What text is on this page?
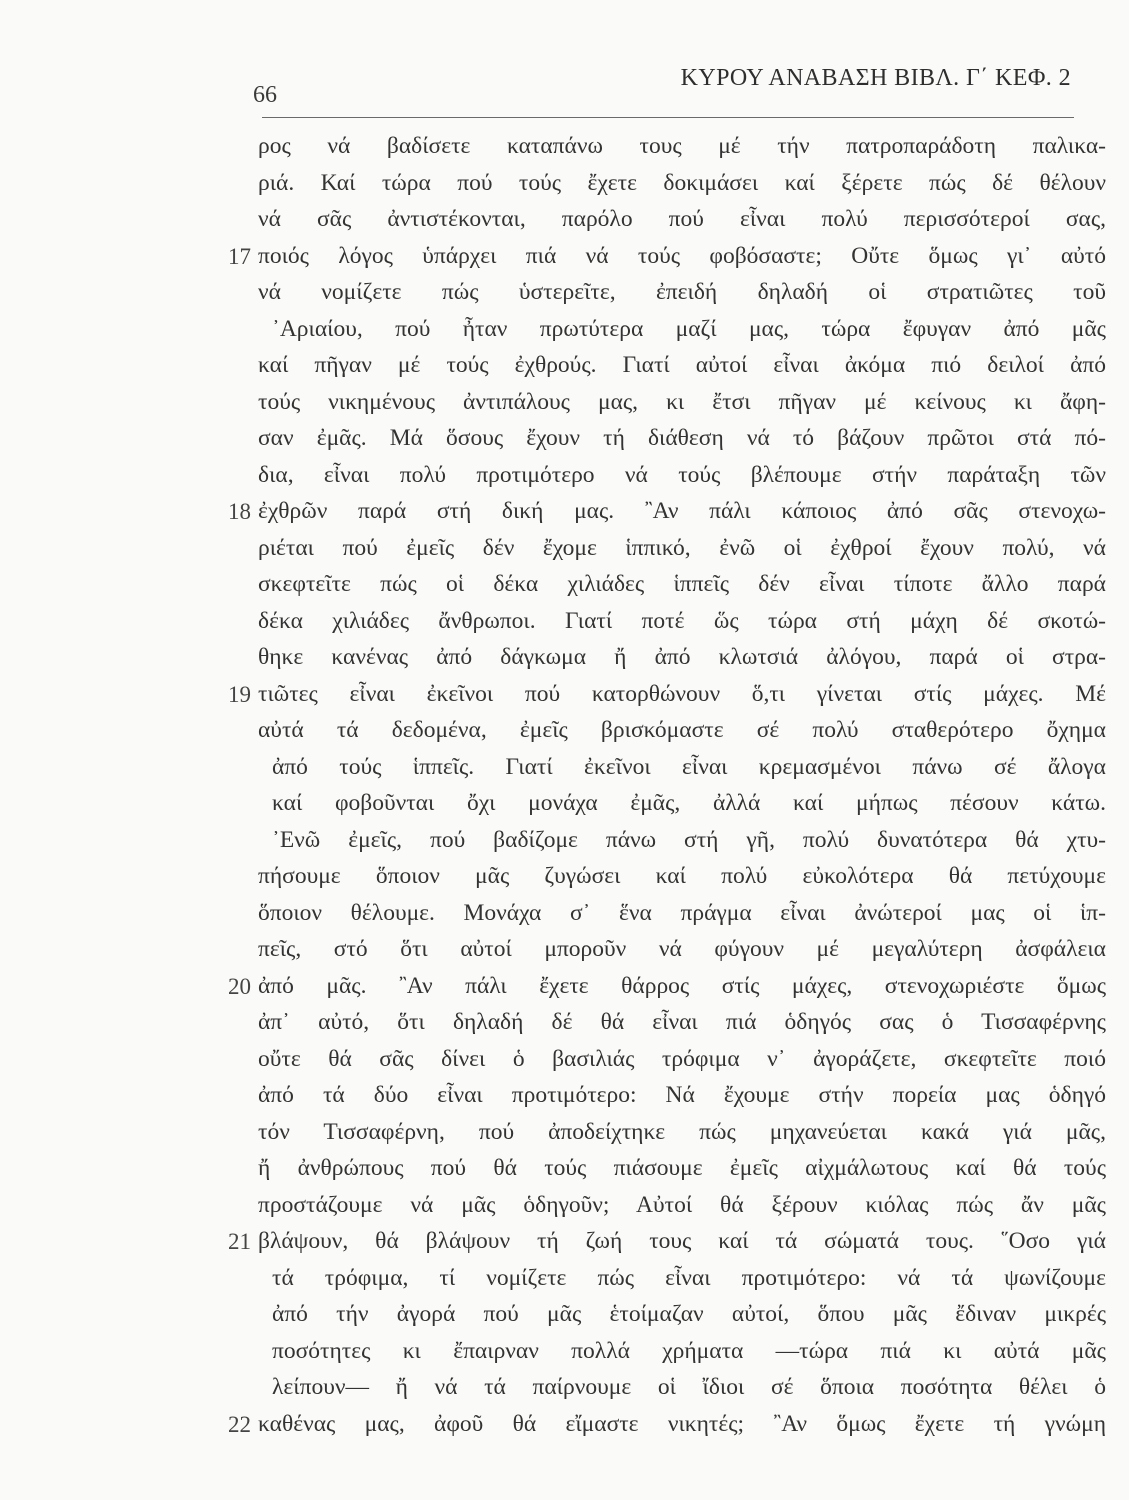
66
ΚΥΡΟΥ ΑΝΑΒΑΣΗ ΒΙΒΛ. Γ΄ ΚΕΦ. 2
ρος νά βαδίσετε καταπάνω τους μέ τήν πατροπαράδοτη παλικα-
ριά. Καί τώρα πού τούς ἔχετε δοκιμάσει καί ξέρετε πώς δέ θέλουν
νά σᾶς ἀντιστέκονται, παρόλο πού εἶναι πολύ περισσότεροί σας,
17 ποιός λόγος ὑπάρχει πιά νά τούς φοβόσαστε; Οὔτε ὅμως γι᾽ αὐτό
νά νομίζετε πώς ὑστερεῖτε, ἐπειδή δηλαδή οἱ στρατιῶτες τοῦ
᾽Αριαίου, πού ἦταν πρωτύτερα μαζί μας, τώρα ἔφυγαν ἀπό μᾶς
καί πῆγαν μέ τούς ἐχθρούς. Γιατί αὐτοί εἶναι ἀκόμα πιό δειλοί ἀπό
τούς νικημένους ἀντιπάλους μας, κι ἔτσι πῆγαν μέ κείνους κι ἄφη-
σαν ἐμᾶς. Μά ὅσους ἔχουν τή διάθεση νά τό βάζουν πρῶτοι στά πό-
δια, εἶναι πολύ προτιμότερο νά τούς βλέπουμε στήν παράταξη τῶν
18 ἐχθρῶν παρά στή δική μας. ῍Αν πάλι κάποιος ἀπό σᾶς στενοχω-
ριέται πού ἐμεῖς δέν ἔχομε ἱππικό, ἐνῶ οἱ ἐχθροί ἔχουν πολύ, νά
σκεφτεῖτε πώς οἱ δέκα χιλιάδες ἱππεῖς δέν εἶναι τίποτε ἄλλο παρά
δέκα χιλιάδες ἄνθρωποι. Γιατί ποτέ ὥς τώρα στή μάχη δέ σκοτώ-
θηκε κανένας ἀπό δάγκωμα ἤ ἀπό κλωτσιά ἀλόγου, παρά οἱ στρα-
19 τιῶτες εἶναι ἐκεῖνοι πού κατορθώνουν ὅ,τι γίνεται στίς μάχες. Μέ
αὐτά τά δεδομένα, ἐμεῖς βρισκόμαστε σέ πολύ σταθερότερο ὄχημα
ἀπό τούς ἱππεῖς. Γιατί ἐκεῖνοι εἶναι κρεμασμένοι πάνω σέ ἄλογα
καί φοβοῦνται ὄχι μονάχα ἐμᾶς, ἀλλά καί μήπως πέσουν κάτω.
᾽Ενῶ ἐμεῖς, πού βαδίζομε πάνω στή γῆ, πολύ δυνατότερα θά χτυ-
πήσουμε ὅποιον μᾶς ζυγώσει καί πολύ εὐκολότερα θά πετύχουμε
ὅποιον θέλουμε. Μονάχα σ᾽ ἕνα πράγμα εἶναι ἀνώτεροί μας οἱ ἱπ-
πεῖς, στό ὅτι αὐτοί μποροῦν νά φύγουν μέ μεγαλύτερη ἀσφάλεια
20 ἀπό μᾶς. ῍Αν πάλι ἔχετε θάρρος στίς μάχες, στενοχωριέστε ὅμως
ἀπ᾽ αὐτό, ὅτι δηλαδή δέ θά εἶναι πιά ὁδηγός σας ὁ Τισσαφέρνης
οὔτε θά σᾶς δίνει ὁ βασιλιάς τρόφιμα ν᾽ ἀγοράζετε, σκεφτεῖτε ποιό
ἀπό τά δύο εἶναι προτιμότερο: Νά ἔχουμε στήν πορεία μας ὁδηγό
τόν Τισσαφέρνη, πού ἀποδείχτηκε πώς μηχανεύεται κακά γιά μᾶς,
ἤ ἀνθρώπους πού θά τούς πιάσουμε ἐμεῖς αἰχμάλωτους καί θά τούς
προστάζουμε νά μᾶς ὁδηγοῦν; Αὐτοί θά ξέρουν κιόλας πώς ἄν μᾶς
21 βλάψουν, θά βλάψουν τή ζωή τους καί τά σώματά τους. ῞Οσο γιά
τά τρόφιμα, τί νομίζετε πώς εἶναι προτιμότερο: νά τά ψωνίζουμε
ἀπό τήν ἀγορά πού μᾶς ἑτοίμαζαν αὐτοί, ὅπου μᾶς ἔδιναν μικρές
ποσότητες κι ἔπαιρναν πολλά χρήματα —τώρα πιά κι αὐτά μᾶς
λείπουν— ἤ νά τά παίρνουμε οἱ ἴδιοι σέ ὅποια ποσότητα θέλει ὁ
22 καθένας μας, ἀφοῦ θά εἴμαστε νικητές; ῍Αν ὅμως ἔχετε τή γνώμη
